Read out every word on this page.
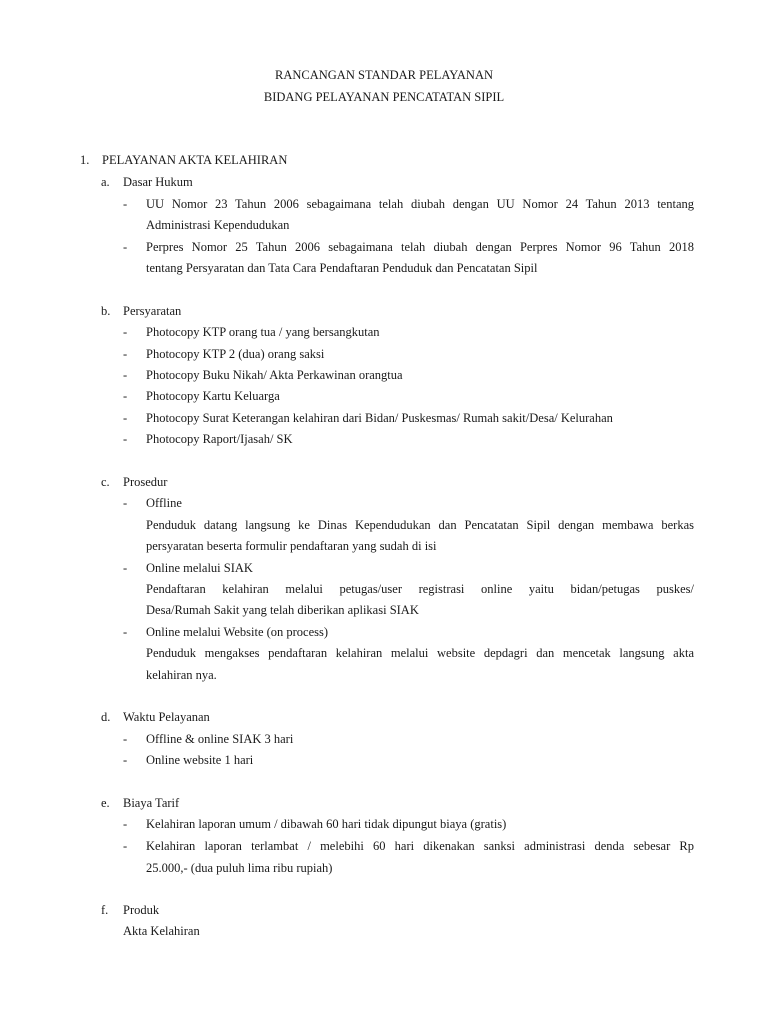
RANCANGAN STANDAR PELAYANAN
BIDANG PELAYANAN PENCATATAN SIPIL
1. PELAYANAN AKTA KELAHIRAN
a. Dasar Hukum
- UU Nomor 23 Tahun 2006 sebagaimana telah diubah dengan UU Nomor 24 Tahun 2013 tentang
Administrasi Kependudukan
- Perpres Nomor 25 Tahun 2006 sebagaimana telah diubah dengan Perpres Nomor 96 Tahun 2018
tentang Persyaratan dan Tata Cara Pendaftaran Penduduk dan Pencatatan Sipil
b. Persyaratan
- Photocopy KTP orang tua / yang bersangkutan
- Photocopy KTP 2 (dua) orang saksi
- Photocopy Buku Nikah/ Akta Perkawinan orangtua
- Photocopy Kartu Keluarga
- Photocopy Surat Keterangan kelahiran dari Bidan/ Puskesmas/ Rumah sakit/Desa/ Kelurahan
- Photocopy Raport/Ijasah/ SK
c. Prosedur
- Offline
Penduduk datang langsung ke Dinas Kependudukan dan Pencatatan Sipil dengan membawa berkas
persyaratan beserta formulir pendaftaran yang sudah di isi
- Online melalui SIAK
Pendaftaran kelahiran melalui petugas/user registrasi online yaitu bidan/petugas puskes/
Desa/Rumah Sakit yang telah diberikan aplikasi SIAK
- Online melalui Website (on process)
Penduduk mengakses pendaftaran kelahiran melalui website depdagri dan mencetak langsung akta
kelahiran nya.
d. Waktu Pelayanan
- Offline & online SIAK 3 hari
- Online website 1 hari
e. Biaya Tarif
- Kelahiran laporan umum / dibawah 60 hari tidak dipungut biaya (gratis)
- Kelahiran laporan terlambat / melebihi 60 hari dikenakan sanksi administrasi denda sebesar Rp
25.000,- (dua puluh lima ribu rupiah)
f. Produk
Akta Kelahiran
